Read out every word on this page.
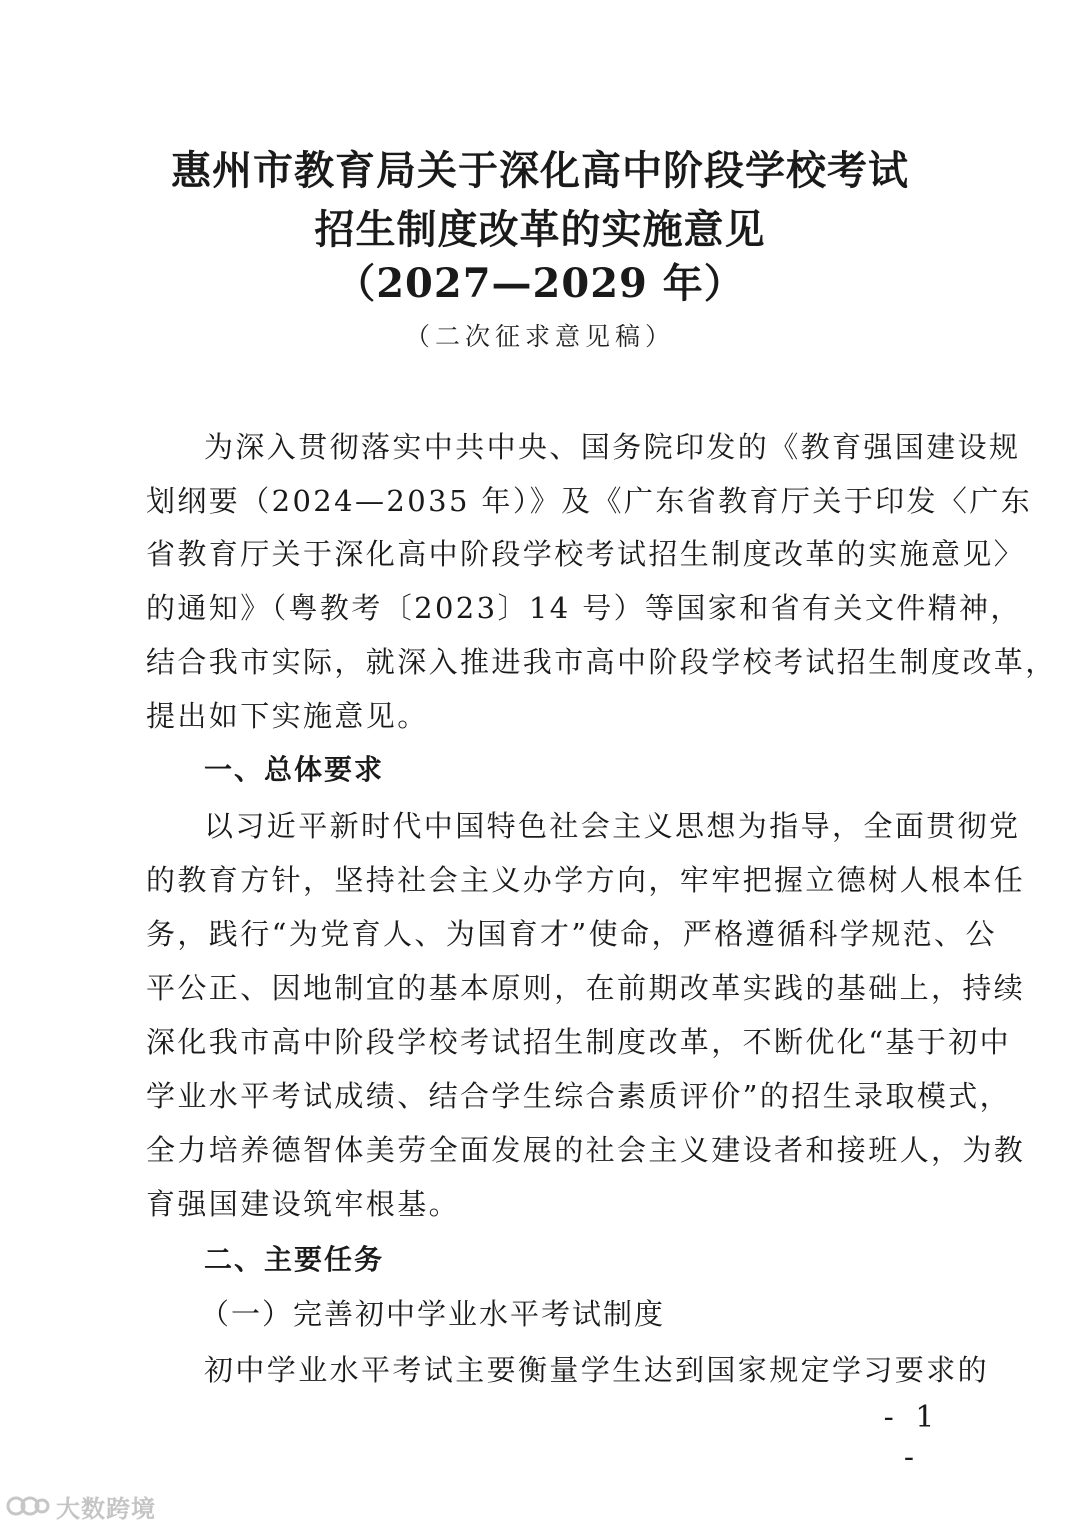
惠州市教育局关于深化高中阶段学校考试
招生制度改革的实施意见
（2027—2029 年）
（二次征求意见稿）
为深入贯彻落实中共中央、国务院印发的《教育强国建设规
划纲要（2024—2035 年）》及《广东省教育厅关于印发〈广东
省教育厅关于深化高中阶段学校考试招生制度改革的实施意见〉
的通知》（粤教考〔2023〕14 号）等国家和省有关文件精神，
结合我市实际，就深入推进我市高中阶段学校考试招生制度改革，
提出如下实施意见。
一、总体要求
以习近平新时代中国特色社会主义思想为指导，全面贯彻党
的教育方针，坚持社会主义办学方向，牢牢把握立德树人根本任
务，践行“为党育人、为国育才”使命，严格遵循科学规范、公
平公正、因地制宜的基本原则，在前期改革实践的基础上，持续
深化我市高中阶段学校考试招生制度改革，不断优化“基于初中
学业水平考试成绩、结合学生综合素质评价”的招生录取模式，
全力培养德智体美劳全面发展的社会主义建设者和接班人，为教
育强国建设筑牢根基。
二、主要任务
（一）完善初中学业水平考试制度
初中学业水平考试主要衡量学生达到国家规定学习要求的
- 1 -
大数跨境
